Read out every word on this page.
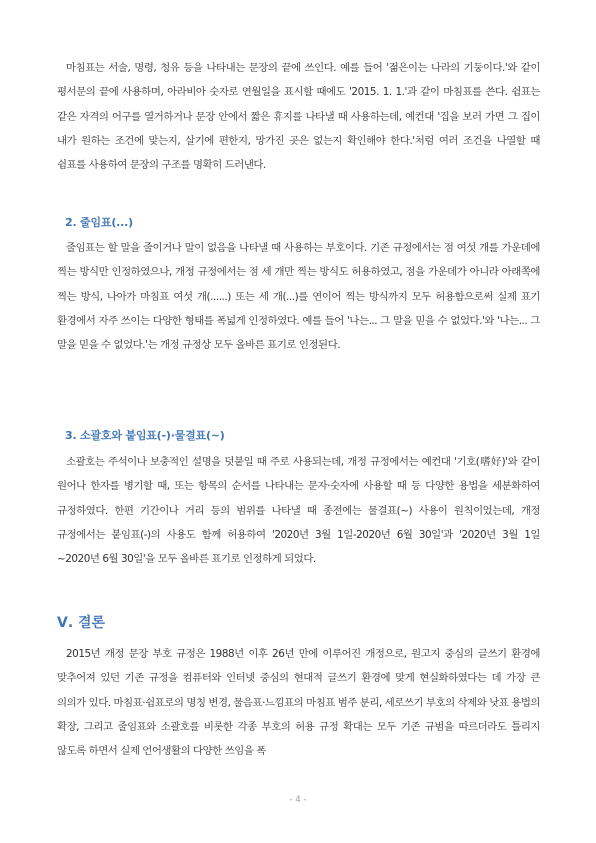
마침표는 서술, 명령, 청유 등을 나타내는 문장의 끝에 쓰인다. 예를 들어 '젊은이는 나라의 기둥이다.'와 같이 평서문의 끝에 사용하며, 아라비아 숫자로 연월일을 표시할 때에도 '2015. 1. 1.'과 같이 마침표를 쓴다. 쉼표는 같은 자격의 어구를 열거하거나 문장 안에서 짧은 휴지를 나타낼 때 사용하는데, 예컨대 '집을 보러 가면 그 집이 내가 원하는 조건에 맞는지, 살기에 편한지, 망가진 곳은 없는지 확인해야 한다.'처럼 여러 조건을 나열할 때 쉼표를 사용하여 문장의 구조를 명확히 드러낸다.
2. 줄임표(...)
줄임표는 할 말을 줄이거나 말이 없음을 나타낼 때 사용하는 부호이다. 기존 규정에서는 점 여섯 개를 가운데에 찍는 방식만 인정하였으나, 개정 규정에서는 점 세 개만 찍는 방식도 허용하였고, 점을 가운데가 아니라 아래쪽에 찍는 방식, 나아가 마침표 여섯 개(......) 또는 세 개(...)를 연이어 찍는 방식까지 모두 허용함으로써 실제 표기 환경에서 자주 쓰이는 다양한 형태를 폭넓게 인정하였다. 예를 들어 '나는... 그 말을 믿을 수 없었다.'와 '나는... 그 말을 믿을 수 없었다.'는 개정 규정상 모두 올바른 표기로 인정된다.
3. 소괄호와 붙임표(-)·물결표(~)
소괄호는 주석이나 보충적인 설명을 덧붙일 때 주로 사용되는데, 개정 규정에서는 예컨대 '기호(嗜好)'와 같이 원어나 한자를 병기할 때, 또는 항목의 순서를 나타내는 문자·숫자에 사용할 때 등 다양한 용법을 세분화하여 규정하였다. 한편 기간이나 거리 등의 범위를 나타낼 때 종전에는 물결표(~) 사용이 원칙이었는데, 개정 규정에서는 붙임표(-)의 사용도 함께 허용하여 '2020년 3월 1일-2020년 6월 30일'과 '2020년 3월 1일~2020년 6월 30일'을 모두 올바른 표기로 인정하게 되었다.
Ⅴ. 결론
2015년 개정 문장 부호 규정은 1988년 이후 26년 만에 이루어진 개정으로, 원고지 중심의 글쓰기 환경에 맞추어져 있던 기존 규정을 컴퓨터와 인터넷 중심의 현대적 글쓰기 환경에 맞게 현실화하였다는 데 가장 큰 의의가 있다. 마침표·쉼표로의 명칭 변경, 물음표·느낌표의 마침표 범주 분리, 세로쓰기 부호의 삭제와 낫표 용법의 확장, 그리고 줄임표와 소괄호를 비롯한 각종 부호의 허용 규정 확대는 모두 기존 규범을 따르더라도 틀리지 않도록 하면서 실제 언어생활의 다양한 쓰임을 폭
- 4 -
